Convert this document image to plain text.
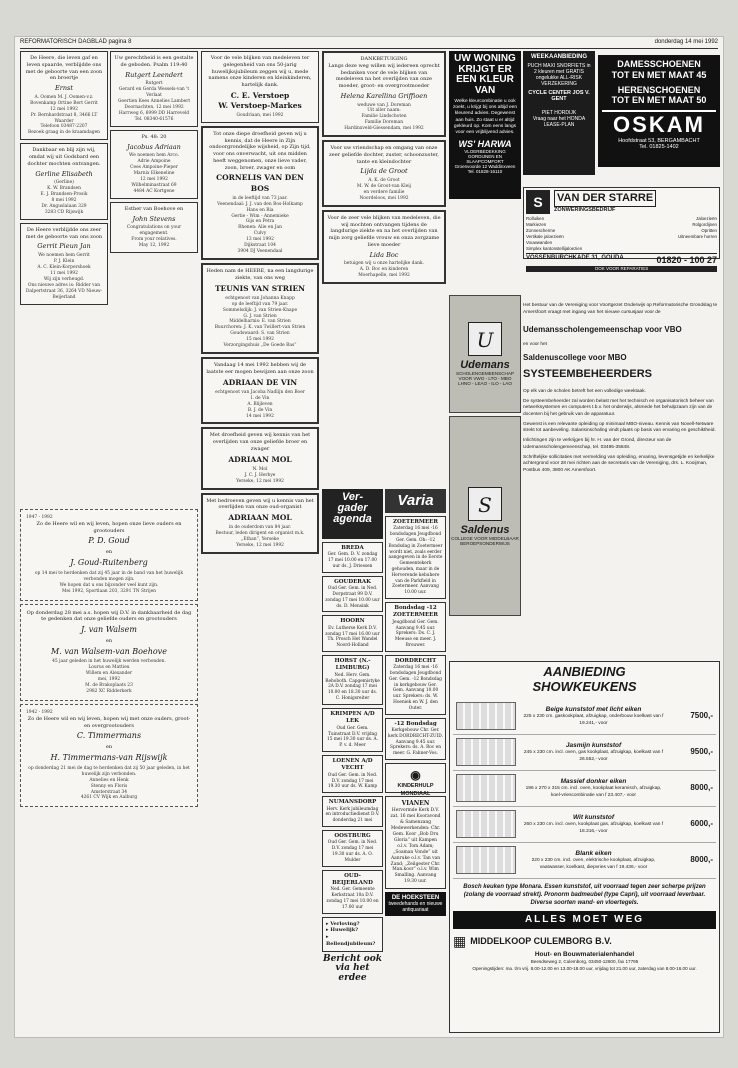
REFORMATORISCH DAGBLAD pagina 8	donderdag 14 mei 1992
De Heere, die leven gaf en leven spaarde, verblijdde ons met de geboorte van een zoon en broertje
Ernst
A. Oomen M. J. Oomen-v.z. Bovenkamp Ortine Bert Gerrit
12 mei 1992
Pr. Bernhardstraat 8, 3466 LT Waarder
Telefoon 03487-2207
Bezoek graag in de kraamdagen
Dankbaar en blij zijn wij, omdat wij uit Godsbard een dochter mochten ontvangen.
Gerline Elisabeth
(Gerline)
K. W. Brandsen
E. J. Brandsen-Prosik
8 mei 1992
Dr. Anguslalaan 329
3283 CD Rijswijk
De Heere verblijdde ons zeer met de geboorte van ons zoon
Gerrit Pieun Jan
We noemen hem Gerrit
P. J. Klein
A. C. Klein-Korpershoek
11 mei 1992
Wij zijn verheugd.
Ons nieuwe adres is: Ridder van Dalpertstraat 36, 3264 VD Nieuw-Beijerland
Uw gerechtheid is een gestalte de geboden. Psalm 119:40
Rutgert Leendert
Rutgert
Gerard en Gerda Wessels-van 't Verlaat
Geertien Kees Annelies Lambert
Doornachten, 12 mei 1992
Harrweg 6, 6999 DD Harreveld
Tel. 08340-61576
Ps. 48: 20
Jacobus Adriaan
We noemen hem Arco.
Adrie Ampoine
Cees Ampoine-Pieper
Marnix Elkeneline
12 mei 1992
Wilhelminastraat 69
4484 AC Kortgene
Esther van Boehove en
John Stevens
Congratulations on your engagement.
From your relatives.
May 12, 1992
1947 - 1992
Zo de Heere wil en wij leven, hopen onze lieve ouders en grootouders
P. D. Goud
en
J. Goud-Ruitenberg
op 14 mei te herdenken dat zij 45 jaar in de band van het huwelijk verbonden mogen zijn.
We hopen dat u ons bijzonder veel kunt zijn.
Mei 1992, Sportlaan 203, 3291 TN Strijen
Op donderdag 28 mei a.s. hopen wij D.V. in dankbaarheid de dag te gedenken dat onze geliefde ouders en grootouders
J. van Walsem
en
M. van Walsem-van Boehove
45 jaar geleden in het huwelijk werden verbonden.
Lourus en Mattieu
Willem en Alexander
mei, 1992
M. de Brakoplaats 23
2982 XC Ridderkerk
1942 - 1992
Zo de Heere wil en wij leven, hopen wij met onze ouders, groot- en overgrootouders
C. Timmermans
en
H. Timmermans-van Rijswijk
op donderdag 21 mei de dag te herdenken dat zij 50 jaar geleden, in het huwelijk zijn verbonden.
Annelies en Henk
Stenny en Floris
Amsterstraat 34
4261 CV Wijk en Aalburg
Voor de vele blijken van medeleven ter gelegenheid van ons 50-jarig huwelijksjubileum zeggen wij u, mede namens onze kinderen en kleinkinderen, hartelijk dank.
C. E. Verstoep
W. Verstoep-Markes
Goudriaan, mei 1992
Tot onze diepe droefheid geven wij u kennis, dat de Heere in Zijn ondoorgrondelijke wijsheid, op Zijn tijd, voor ons onverwacht, uit ons midden heeft weggenomen, onze lieve vader, zoon, broer, zwager en oom
CORNELIS VAN DEN BOS
in de leeftijd van 73 jaar.
Veenendaal: J. J. van den Bos-Holkamp
Hans en Ria
Gertie - Wim - Annemieke
Gijs en Petra
Rhenen: Alie en Jan
Culvy
13 mei 1992
Dijkstraat 104
3904 DJ Veenendaal
Heden nam de HEERE, na een langdurige ziekte, van ons weg
TEUNIS VAN STRIEN
echtgenoot van Johanna Knapp
op de leeftijd van 79 jaar.
Sommelsdijk: J. van Strien-Knape
G. J. van Strien
Middelharnis: E. van Strien
Buurchoren: J. K. van Twillert-van Strien
Goudswaard: S. van Strien
15 mei 1992
Verzorgingshuis „De Goede Bas”
Vandaag 14 mei 1992 hebben wij de laatste eer mogen bewijzen aan onze zoon
ADRIAAN DE VIN
echtgenoot van Jacoba Nadlijn den Boer
I. de Vin
A. Blijleven
B. J. de Vin
14 mei 1992
Met droefheid geven wij kennis van het overlijden van onze geliefde broer en zwager
ADRIAAN MOL
N. Mol
J. C. J. Herbye
Yerseke, 12 mei 1992
Met bedroeven geven wij u kennis van het overlijden van onze oud-organist
ADRIAAN MOL
in de ouderdom van 84 jaar.
Bestuur, leden dirigent en organist m.k. „Ethan”, Yerseke
Yerseke, 12 mei 1992
DANKBETUIGING
Langs deze weg willen wij iedereen oprecht bedanken voor de vele blijken van medeleven na het overlijden van onze moeder, groot- en overgrootmoeder
Helena Karellina Griffioen
weduwe van J. Doreman
Uit aller naam:
Familie Lindschoten
Familie Doreman
Hardinxveld-Giessendam, mei 1992
Voor uw vriendschap en omgang van onze zeer geliefde dochter, zuster, schoonzuster, tante en kleindochter
Lijda de Groot
A. K. de Groot
M. W. de Groot-van Kleij
en verdere familie
Noordeloos, mei 1992
Voor de zeer vele blijken van medeleven, die wij mochten ontvangen tijdens de langdurige ziekte en na het overlijden van mijn zorg geliefde vrouw en onza zorgzame lieve moeder
Lida Boc
betuigen wij u onze hartelijke dank.
A. D. Boc en kinderen
Moerhapelle, mei 1992
Ver-
gader
agenda
BREDA
Ger. Gem. D. V. zondag 17 mei 10.00 en 17.00 uur ds. J. Driessen
GOUDERAK
Oud Ger. Gem. in Ned. Dorpstraat 99 D.V. zondag 17 mei 10.00 uur ds. D. Mensink
HOORN
Ev. Lutherse Kerk D.V. zondag 17 mei 16.00 uur Th. Prosch Het Wandel Noord-Holland
HORST (N.-LIMBURG)
Ned. Herv. Gem. Rehoboth. Capgemistyke 2A D.V. zondag 17 mei 10.00 en 18.30 uur ds. C. Honigsreiter
KRIMPEN A/D LEK
Oud Ger. Gem. Tuinstraat D.V. vrijdag 15 mei 19.30 uur ds. A. P. v. d. Meer
LOENEN A/D VECHT
Oud Ger. Gem. in Ned. D.V. zondag 17 mei 19.30 uur ds. W. Kamp
NUMANSDORP
Herv. Kerk jubileumdag en introductiedienst D.V. donderdag 21 mei
OOSTBURG
Oud Ger. Gem. in Ned. D.V. zondag 17 mei 19.30 uur ds. A. O. Mulder
OUD-BEIJERLAND
Ned. Ger. Gemeente Kerkstraat 10a D.V. zondag 17 mei 10.00 en 17.00 uur
▸ Verloving?
▸ Huwelijk?
▸ Bellendjubileum?
Bericht ook via het erdee
Varia
ZOETERMEER
Zaterdag 16 mei -16 bondsdagen Jeugdbond Ger. Gem. Oh: -12 Bondsdag in Zoetermeer wordt niet, zoals eerder aangegeven in de Eerste Gemeentekerk gehouden, maar in de Herverende kebuhere van de Parkfield in Zoetermeer. Aanvang 10.00 uur.
Bondsdag -12 ZOETERMEER
Jeugdbond Ger. Gem. Aanvang 9.45 uur. Sprekers: Ds. C. J. Meeuse en meer. J. Brouwer.
DORDRECHT
Zaterdag 16 mei -16 bondsdagen Jeugdbond Ger. Gem. -12 Bondsdag in kerkgebouw Ger. Gem. Aanvang 10.00 uur. Sprekers: ds. W. Hoeniek en W. J. den Outer.
-12 Bondsdag
Kerkgebouw Chr. Ger. kerk DORDRECHT-ZUID. Aanvang 9.45 uur. Sprekers: ds. A. Roc en meer. G. Fahner-Vos.
◉
KINDERHULP MONDIAAL
VIANEN
Hervormde Kerk D.V. zat. 16 mei Kooravond & Samenzang
Medewerkenden: Chr. Gem. Koor „Bob Dru Gloria” uit Kampen o.l.v. Tom Adam; „Soaman Vonde” uit Aanruke o.l.v. Tan van Zand; „Zeilgester Chr. Man.koor” o.l.v. Wim Smalling. Aanvang 19.30 uur.
DE HOEKSTEEN
tweedehands en nieuwe antiquariaat
UW WONING KRIJGT ER EEN KLEUR VAN
Welke kleurcombinatie u ook zoekt, u krijgt bij ons altijd een kleurend advies. Degewenst aan huis. Zo staat u er altijd gekleurd op. Kom eens langs voor een vrijblijvend advies.
WS' HARWA
VLOERBEDEKKING GORDIJNEN EN SLAAPCOMFORT
Groenvoorde 12 Waddinxveen
Tel. 01828-16110
WEEKAANBIEDING
PUCH MAXI SNORFIETS in 2 kleuren met GRATIS ongelukke ALL-RISK VERZEKERING
CYCLE CENTER JOS V. GENT
PIET HORDIJK
Vraag naar het HONDA LEASE-PLAN
DAMESSCHOENEN
TOT EN MET MAAT 45
HERENSCHOENEN
TOT EN MET MAAT 50
OSKAM
Hoofdstraat 53, BERGAMBACHT
Tel. 01825-1402
S	VAN DER STARRE
ZONWERINGSBEDRIJF
Rolluiken
Markiezen
Zonnescherme
Vertikale jaloezieën
Vouwwanden
Simplex kantonstellijaloezien
Jaloezieën
Rolgordijnen
Opritten
Uitneembare horren
VOSSENBURCHKADE 31, GOUDA	01820 - 100 27
OOK VOOR REPARATIES
U
Udemans
SCHOLENGEMEENSCHAP VOOR VWO - LTO - MBO
LHNO - LEAO - ILO - LAO
S
Saldenus
COLLEGE VOOR MIDDELBAAR BEROEPSONDERWIJS

Het bestuur van de Vereniging voor Voortgezet Onderwijs op Reformatorische Grondslag te Amersfoort vraagt met ingang van het nieuwe cursusjaar voor de

Udemansscholengemeenschap voor VBO

en voor het

Saldenuscollege voor MBO

SYSTEEMBEHEERDERS

Op elk van de scholen betreft het een volledige weektaak.

De systeembeheerder zal worden belast met het technisch en organisatorisch beheer van netwerksystemen en computers t.b.v. het onderwijs, alsmede het behulpzaam zijn van de docenten bij het gebruik van de apparatuur.

Gewenst is een relevante opleiding op minimaal MBO-niveau. Kennis van Novell-Netware strekt tot aanbeveling. Salarisinschaling vindt plaats op basis van ervaring en geschiktheid.

Inlichtingen zijn te verkrijgen bij hr. H. van der Grond, directeur van de Udemansscholengemeenschap, tel. 03495-35848.

Schriftelijke sollicitaties met vermelding van opleiding, ervaring, levensgetijde en kerkelijke achtergrond voor 28 mei richten aan de secretaris van de Vereniging, drs. L. Kooijman, Postbus 409, 3800 AK Amersfoort.

AANBIEDING
SHOWKEUKENS
Beige kunststof met licht eiken
225 x 230 cm. gaskookplaat, afzuigkap, onderbouw koelkast van f 19.241,- voor
7500,-
Jasmijn kunststof
245 x 230 cm. incl. oven, gas kookplaat, afzuigkap, koelkast van f 26.552,- voor
9500,-
Massief donker eiken
196 x 270 x 315 cm. incl. oven, kookplaat keramisch, afzuigkap, koel-vriescombinatie van f 23.407,- voor
8000,-
Wit kunststof
260 x 230 cm. incl. oven, kookplaat gas, afzuigkap, koelkast van f 18.316,- voor
6000,-
Blank eiken
220 x 230 cm. incl. oven, elektrische kookplaat, afzuigkap, vaatwasser, koelkast, diepvries van f 19.436,- voor
8000,-
Bosch keuken type Monara. Essen kunststof, uit voorraad tegen zeer scherpe prijzen (zolang de voorraad strekt). Pronorm badmeubel (type Capri), uit voorraad leverbaar. Diverse soorten wand- en vloertegels.
ALLES MOET WEG
▦ MIDDELKOOP CULEMBORG B.V.
Hout- en Bouwmaterialenhandel
Beesdseweg 2, Culemborg, 03450-12600, fax 17795
Openingstijden: ma. t/m vrij. 8.00-12.00 en 13.00-18.00 uur, vrijdag tot 21.00 uur, zaterdag van 8.00-16.00 uur.
